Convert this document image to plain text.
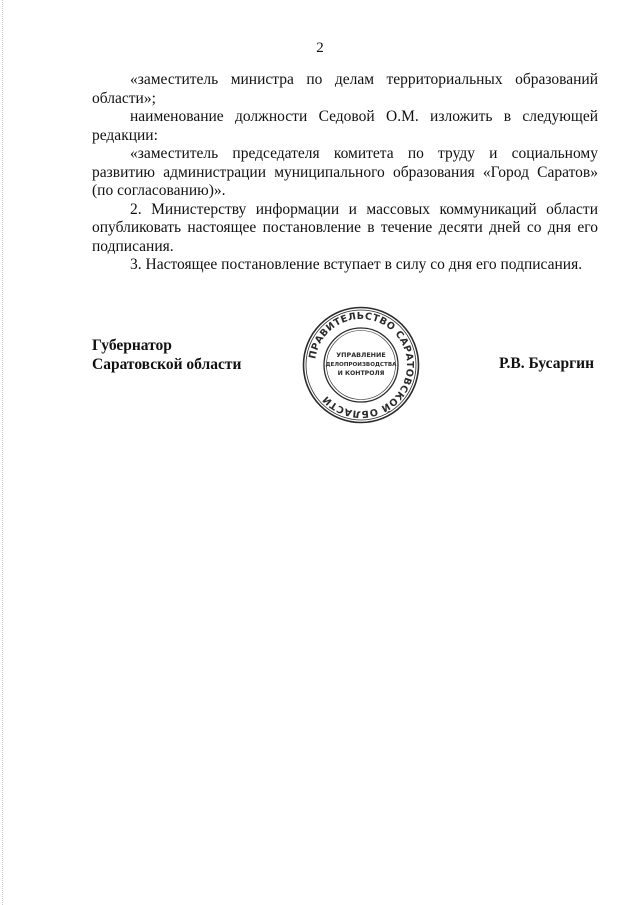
2

«заместитель министра по делам территориальных образований области»;

наименование должности Седовой О.М. изложить в следующей редакции:

«заместитель председателя комитета по труду и социальному развитию администрации муниципального образования «Город Саратов» (по согласованию)».

2. Министерству информации и массовых коммуникаций области опубликовать настоящее постановление в течение десяти дней со дня его подписания.

3. Настоящее постановление вступает в силу со дня его подписания.

Губернатор
Саратовской области	Р.В. Бусаргин
ПРАВИТЕЛЬСТВО САРАТОВСКОЙ ОБЛАСТИ
УПРАВЛЕНИЕ
ДЕЛОПРОИЗВОДСТВА
И КОНТРОЛЯ
